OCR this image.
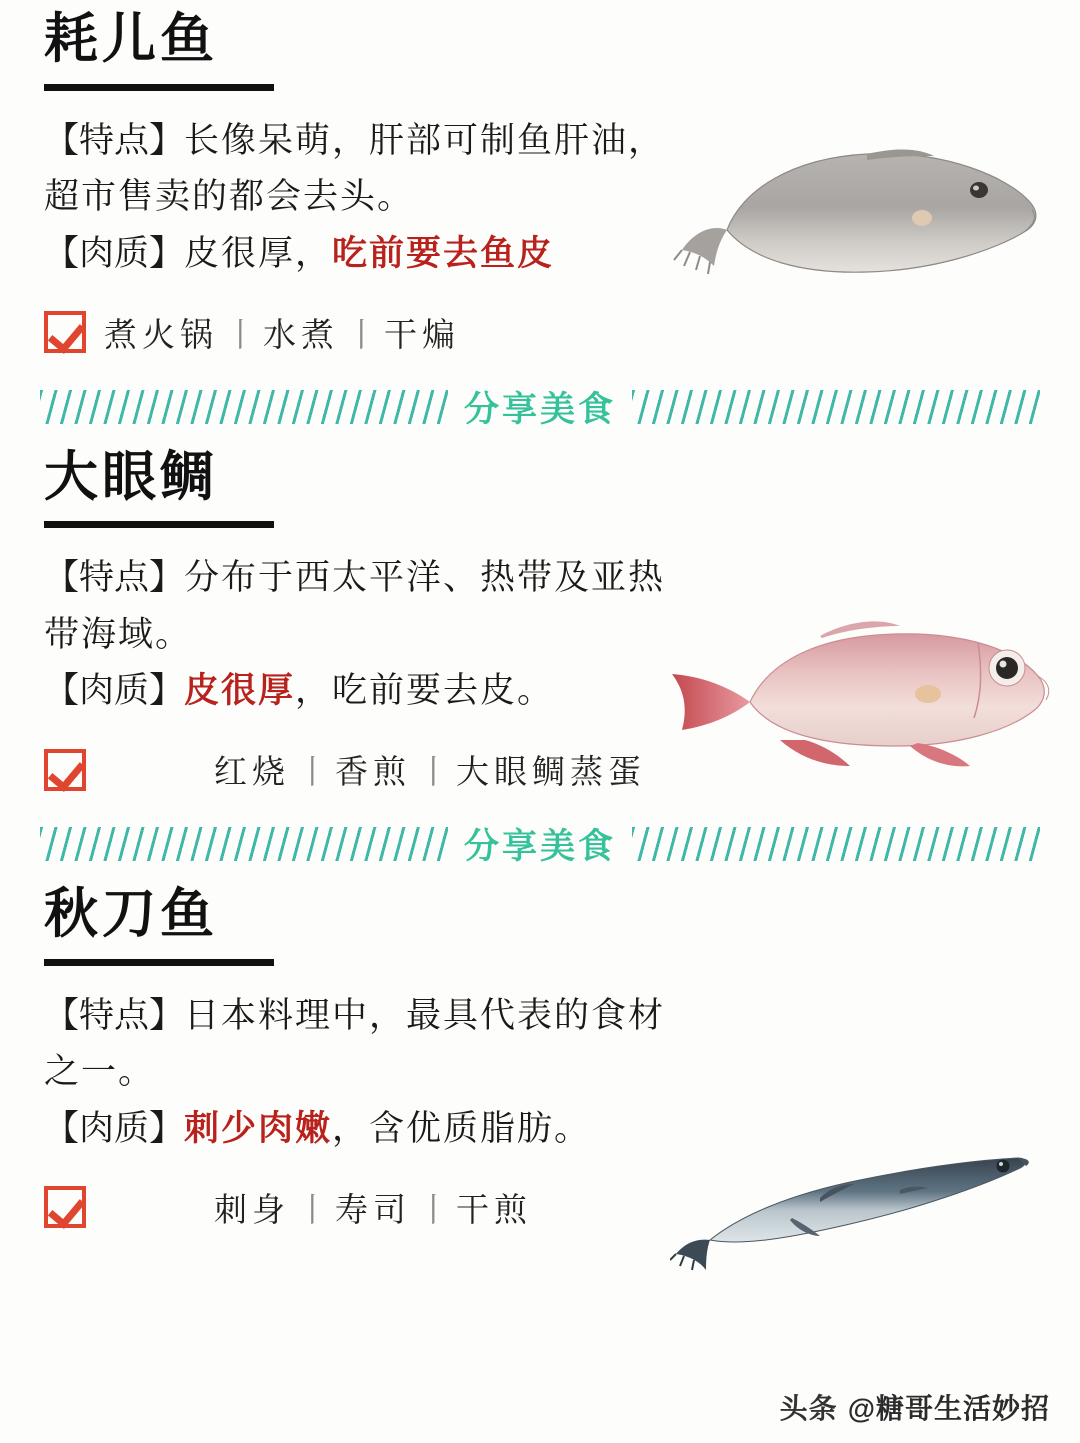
耗儿鱼

【特点】长像呆萌，肝部可制鱼肝油，超市售卖的都会去头。

【肉质】皮很厚，吃前要去鱼皮

煮火锅 丨 水煮 丨 干煸
分享美食
大眼鲷

【特点】分布于西太平洋、热带及亚热带海域。

【肉质】皮很厚，吃前要去皮。

红烧 丨 香煎 丨 大眼鲷蒸蛋
分享美食
秋刀鱼

【特点】日本料理中，最具代表的食材之一。

【肉质】刺少肉嫩，含优质脂肪。

刺身 丨 寿司 丨 干煎
头条 @糖哥生活妙招
